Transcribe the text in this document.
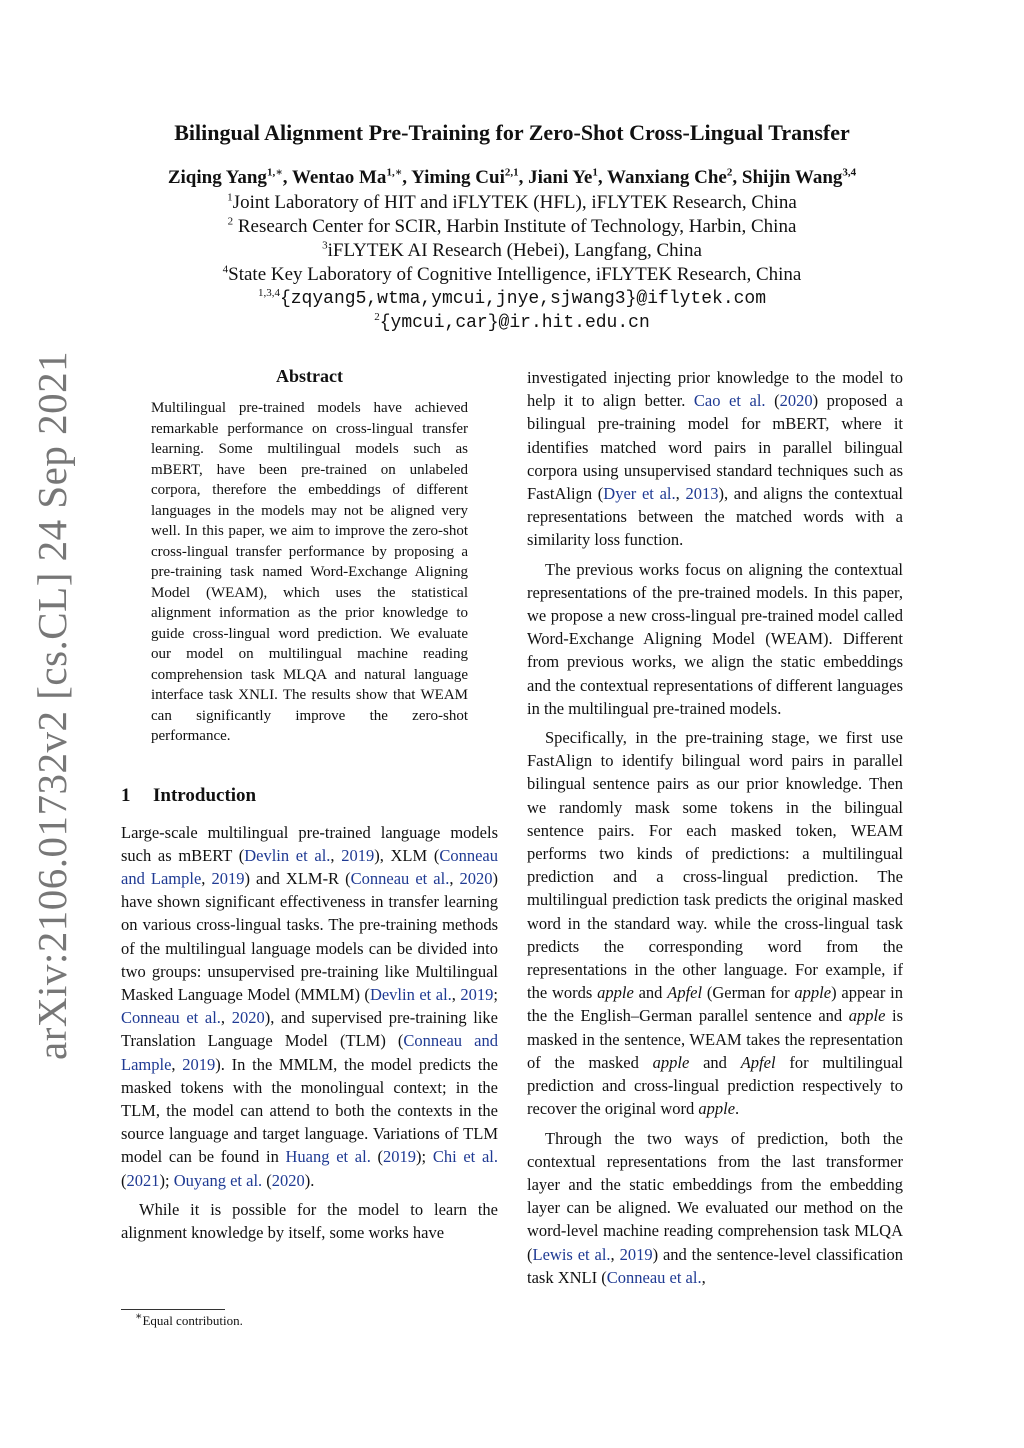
arXiv:2106.01732v2 [cs.CL] 24 Sep 2021
Bilingual Alignment Pre-Training for Zero-Shot Cross-Lingual Transfer
Ziqing Yang$^{1,∗}$, Wentao $Ma^{1,∗}$, Yiming Cui$^{2,1}$, Jiani Ye$^1$, Wanxiang Che$^2$, Shijin Wang$^{3,4}$
$^1$Joint Laboratory of HIT and iFLYTEK (HFL), iFLYTEK Research, China
$^2$ Research Center for SCIR, Harbin Institute of Technology, Harbin, China
$^3$iFLYTEK AI Research (Hebei), Langfang, China
$^4$State Key Laboratory of Cognitive Intelligence, iFLYTEK Research, China
$^{1,3,4}${zqyang5,wtma,ymcui,jnye,sjwang3}@iflytek.com
$^2${ymcui,car}@ir.hit.edu.cn
Abstract
Multilingual pre-trained models have achieved remarkable performance on cross-lingual transfer learning. Some multilingual models such as mBERT, have been pre-trained on unlabeled corpora, therefore the embeddings of different languages in the models may not be aligned very well. In this paper, we aim to improve the zero-shot cross-lingual transfer performance by proposing a pre-training task named Word-Exchange Aligning Model (WEAM), which uses the statistical alignment information as the prior knowledge to guide cross-lingual word prediction. We evaluate our model on multilingual machine reading comprehension task MLQA and natural language interface task XNLI. The results show that WEAM can significantly improve the zero-shot performance.
1 Introduction

Large-scale multilingual pre-trained language models such as mBERT (Devlin et al., 2019), XLM (Conneau and Lample, 2019) and XLM-R (Conneau et al., 2020) have shown significant effectiveness in transfer learning on various cross-lingual tasks. The pre-training methods of the multilingual language models can be divided into two groups: unsupervised pre-training like Multilingual Masked Language Model (MMLM) (Devlin et al., 2019; Conneau et al., 2020), and supervised pre-training like Translation Language Model (TLM) (Conneau and Lample, 2019). In the MMLM, the model predicts the masked tokens with the monolingual context; in the TLM, the model can attend to both the contexts in the source language and target language. Variations of TLM model can be found in Huang et al. (2019); Chi et al. (2021); Ouyang et al. (2020).

While it is possible for the model to learn the alignment knowledge by itself, some works have

investigated injecting prior knowledge to the model to help it to align better. Cao et al. (2020) proposed a bilingual pre-training model for mBERT, where it identifies matched word pairs in parallel bilingual corpora using unsupervised standard techniques such as FastAlign (Dyer et al., 2013), and aligns the contextual representations between the matched words with a similarity loss function.

The previous works focus on aligning the contextual representations of the pre-trained models. In this paper, we propose a new cross-lingual pre-trained model called Word-Exchange Aligning Model (WEAM). Different from previous works, we align the static embeddings and the contextual representations of different languages in the multilingual pre-trained models.

Specifically, in the pre-training stage, we first use FastAlign to identify bilingual word pairs in parallel bilingual sentence pairs as our prior knowledge. Then we randomly mask some tokens in the bilingual sentence pairs. For each masked token, WEAM performs two kinds of predictions: a multilingual prediction and a cross-lingual prediction. The multilingual prediction task predicts the original masked word in the standard way. while the cross-lingual task predicts the corresponding word from the representations in the other language. For example, if the words apple and Apfel (German for apple) appear in the the English–German parallel sentence and apple is masked in the sentence, WEAM takes the representation of the masked apple and Apfel for multilingual prediction and cross-lingual prediction respectively to recover the original word apple.

Through the two ways of prediction, both the contextual representations from the last transformer layer and the static embeddings from the embedding layer can be aligned. We evaluated our method on the word-level machine reading comprehension task MLQA (Lewis et al., 2019) and the sentence-level classification task XNLI (Conneau et al.,

∗Equal contribution.
